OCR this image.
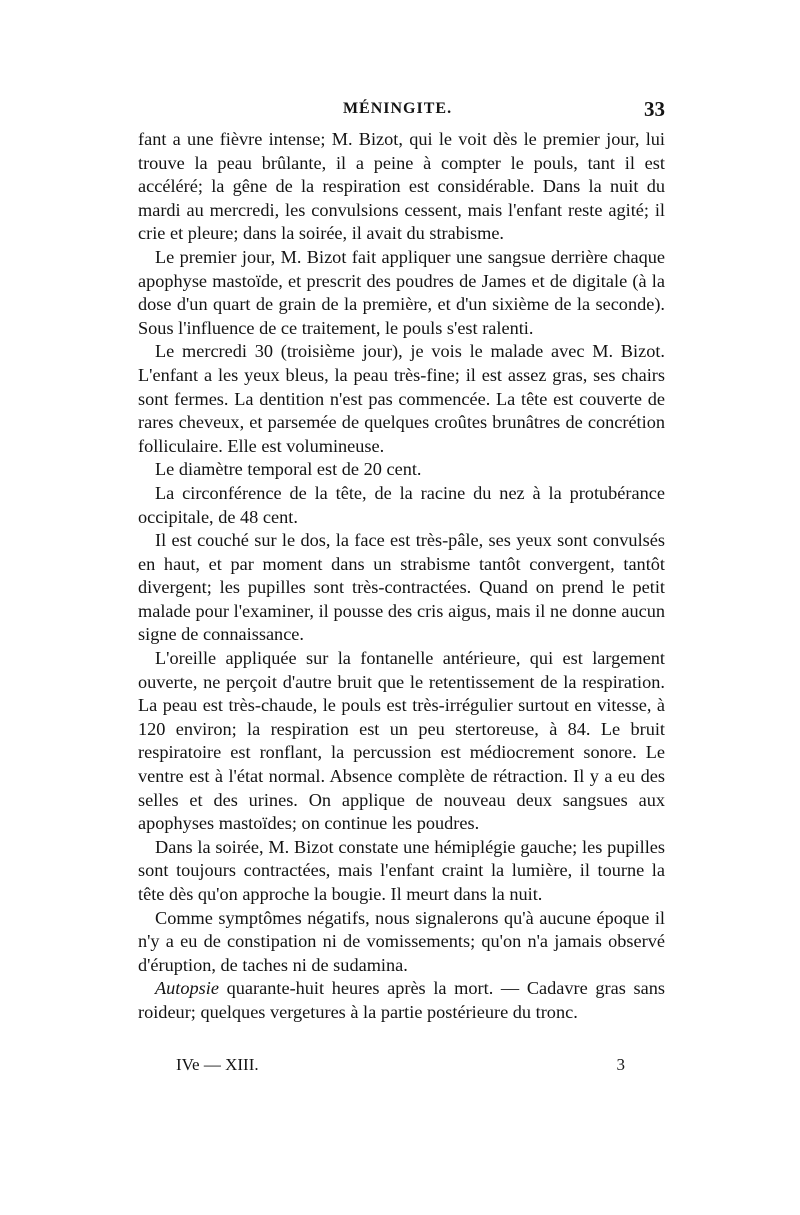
MÉNINGITE.	33

fant a une fièvre intense; M. Bizot, qui le voit dès le premier jour, lui trouve la peau brûlante, il a peine à compter le pouls, tant il est accéléré; la gêne de la respiration est considérable. Dans la nuit du mardi au mercredi, les convulsions cessent, mais l'enfant reste agité; il crie et pleure; dans la soirée, il avait du strabisme.

Le premier jour, M. Bizot fait appliquer une sangsue derrière chaque apophyse mastoïde, et prescrit des poudres de James et de digitale (à la dose d'un quart de grain de la première, et d'un sixième de la seconde). Sous l'influence de ce traitement, le pouls s'est ralenti.

Le mercredi 30 (troisième jour), je vois le malade avec M. Bizot. L'enfant a les yeux bleus, la peau très-fine; il est assez gras, ses chairs sont fermes. La dentition n'est pas commencée. La tête est couverte de rares cheveux, et parsemée de quelques croûtes brunâtres de concrétion folliculaire. Elle est volumineuse.

Le diamètre temporal est de 20 cent.

La circonférence de la tête, de la racine du nez à la protubérance occipitale, de 48 cent.

Il est couché sur le dos, la face est très-pâle, ses yeux sont convulsés en haut, et par moment dans un strabisme tantôt convergent, tantôt divergent; les pupilles sont très-contractées. Quand on prend le petit malade pour l'examiner, il pousse des cris aigus, mais il ne donne aucun signe de connaissance.

L'oreille appliquée sur la fontanelle antérieure, qui est largement ouverte, ne perçoit d'autre bruit que le retentissement de la respiration. La peau est très-chaude, le pouls est très-irrégulier surtout en vitesse, à 120 environ; la respiration est un peu stertoreuse, à 84. Le bruit respiratoire est ronflant, la percussion est médiocrement sonore. Le ventre est à l'état normal. Absence complète de rétraction. Il y a eu des selles et des urines. On applique de nouveau deux sangsues aux apophyses mastoïdes; on continue les poudres.

Dans la soirée, M. Bizot constate une hémiplégie gauche; les pupilles sont toujours contractées, mais l'enfant craint la lumière, il tourne la tête dès qu'on approche la bougie. Il meurt dans la nuit.

Comme symptômes négatifs, nous signalerons qu'à aucune époque il n'y a eu de constipation ni de vomissements; qu'on n'a jamais observé d'éruption, de taches ni de sudamina.

Autopsie quarante-huit heures après la mort. — Cadavre gras sans roideur; quelques vergetures à la partie postérieure du tronc.

IVe — XIII.	3
